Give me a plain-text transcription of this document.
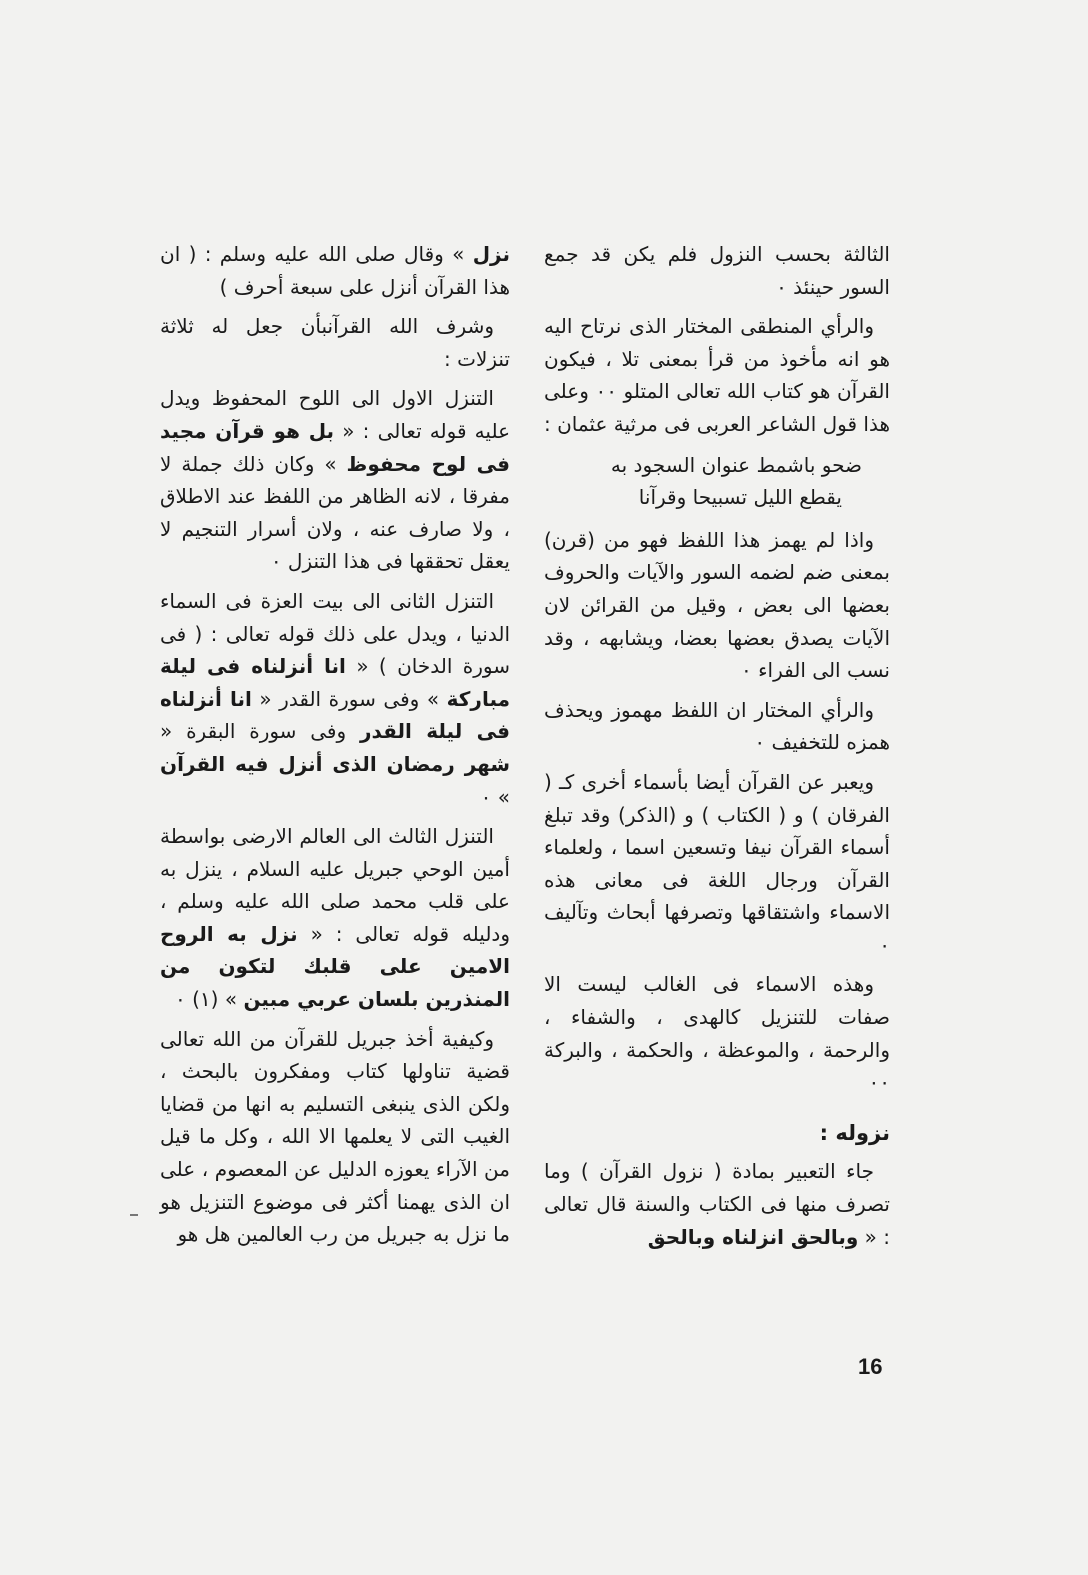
الثالثة بحسب النزول فلم يكن قد جمع السور حينئذ ٠
والرأي المنطقى المختار الذى نرتاح اليه هو انه مأخوذ من قرأ بمعنى تلا ، فيكون القرآن هو كتاب الله تعالى المتلو ٠٠ وعلى هذا قول الشاعر العربى فى مرثية عثمان :
ضحو باشمط عنوان السجود به
يقطع الليل تسبيحا وقرآنا
واذا لم يهمز هذا اللفظ فهو من (قرن) بمعنى ضم لضمه السور والآيات والحروف بعضها الى بعض ، وقيل من القرائن لان الآيات يصدق بعضها بعضا، ويشابهه ، وقد نسب الى الفراء ٠
والرأي المختار ان اللفظ مهموز ويحذف همزه للتخفيف ٠
ويعبر عن القرآن أيضا بأسماء أخرى كـ ( الفرقان ) و ( الكتاب ) و (الذكر) وقد تبلغ أسماء القرآن نيفا وتسعين اسما ، ولعلماء القرآن ورجال اللغة فى معانى هذه الاسماء واشتقاقها وتصرفها أبحاث وتآليف ٠
وهذه الاسماء فى الغالب ليست الا صفات للتنزيل كالهدى ، والشفاء ، والرحمة ، والموعظة ، والحكمة ، والبركة ٠٠
نزوله :
جاء التعبير بمادة ( نزول القرآن ) وما تصرف منها فى الكتاب والسنة قال تعالى : « وبالحق انزلناه وبالحق
نزل » وقال صلى الله عليه وسلم : ( ان هذا القرآن أنزل على سبعة أحرف )
وشرف الله القرآنبأن جعل له ثلاثة تنزلات :
التنزل الاول الى اللوح المحفوظ ويدل عليه قوله تعالى : « بل هو قرآن مجيد فى لوح محفوظ » وكان ذلك جملة لا مفرقا ، لانه الظاهر من اللفظ عند الاطلاق ، ولا صارف عنه ، ولان أسرار التنجيم لا يعقل تحققها فى هذا التنزل ٠
التنزل الثانى الى بيت العزة فى السماء الدنيا ، ويدل على ذلك قوله تعالى : ( فى سورة الدخان ) « انا أنزلناه فى ليلة مباركة » وفى سورة القدر « انا أنزلناه فى ليلة القدر وفى سورة البقرة « شهر رمضان الذى أنزل فيه القرآن » ٠
التنزل الثالث الى العالم الارضى بواسطة أمين الوحي جبريل عليه السلام ، ينزل به على قلب محمد صلى الله عليه وسلم ، ودليله قوله تعالى : « نزل به الروح الامين على قلبك لتكون من المنذرين بلسان عربي مبين » (١) ٠
وكيفية أخذ جبريل للقرآن من الله تعالى قضية تناولها كتاب ومفكرون بالبحث ، ولكن الذى ينبغى التسليم به انها من قضايا الغيب التى لا يعلمها الا الله ، وكل ما قيل من الآراء يعوزه الدليل عن المعصوم ، على ان الذى يهمنا أكثر فى موضوع التنزيل هو ما نزل به جبريل من رب العالمين هل هو
16
